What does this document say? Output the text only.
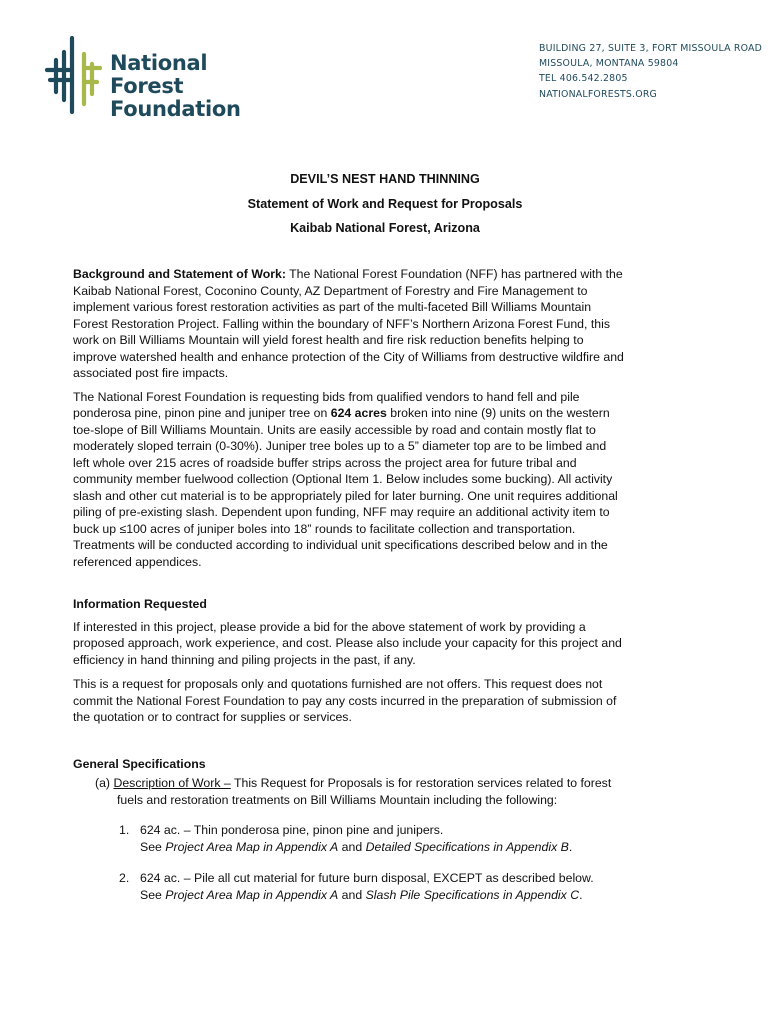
National Forest
Foundation
BUILDING 27, SUITE 3, FORT MISSOULA ROAD
MISSOULA, MONTANA 59804
TEL 406.542.2805
NATIONALFORESTS.ORG
DEVIL’S NEST HAND THINNING
Statement of Work and Request for Proposals
Kaibab National Forest, Arizona

Background and Statement of Work: The National Forest Foundation (NFF) has partnered with the
Kaibab National Forest, Coconino County, AZ Department of Forestry and Fire Management to
implement various forest restoration activities as part of the multi-faceted Bill Williams Mountain
Forest Restoration Project. Falling within the boundary of NFF’s Northern Arizona Forest Fund, this
work on Bill Williams Mountain will yield forest health and fire risk reduction benefits helping to
improve watershed health and enhance protection of the City of Williams from destructive wildfire and
associated post fire impacts.

The National Forest Foundation is requesting bids from qualified vendors to hand fell and pile
ponderosa pine, pinon pine and juniper tree on 624 acres broken into nine (9) units on the western
toe-slope of Bill Williams Mountain. Units are easily accessible by road and contain mostly flat to
moderately sloped terrain (0-30%). Juniper tree boles up to a 5” diameter top are to be limbed and
left whole over 215 acres of roadside buffer strips across the project area for future tribal and
community member fuelwood collection (Optional Item 1. Below includes some bucking). All activity
slash and other cut material is to be appropriately piled for later burning. One unit requires additional
piling of pre-existing slash. Dependent upon funding, NFF may require an additional activity item to
buck up ≤100 acres of juniper boles into 18” rounds to facilitate collection and transportation.
Treatments will be conducted according to individual unit specifications described below and in the
referenced appendices.

Information Requested

If interested in this project, please provide a bid for the above statement of work by providing a
proposed approach, work experience, and cost. Please also include your capacity for this project and
efficiency in hand thinning and piling projects in the past, if any.

This is a request for proposals only and quotations furnished are not offers. This request does not
commit the National Forest Foundation to pay any costs incurred in the preparation of submission of
the quotation or to contract for supplies or services.

General Specifications

(a) Description of Work – This Request for Proposals is for restoration services related to forest
fuels and restoration treatments on Bill Williams Mountain including the following:
1. 624 ac. – Thin ponderosa pine, pinon pine and junipers.
See Project Area Map in Appendix A and Detailed Specifications in Appendix B.
2. 624 ac. – Pile all cut material for future burn disposal, EXCEPT as described below.
See Project Area Map in Appendix A and Slash Pile Specifications in Appendix C.
